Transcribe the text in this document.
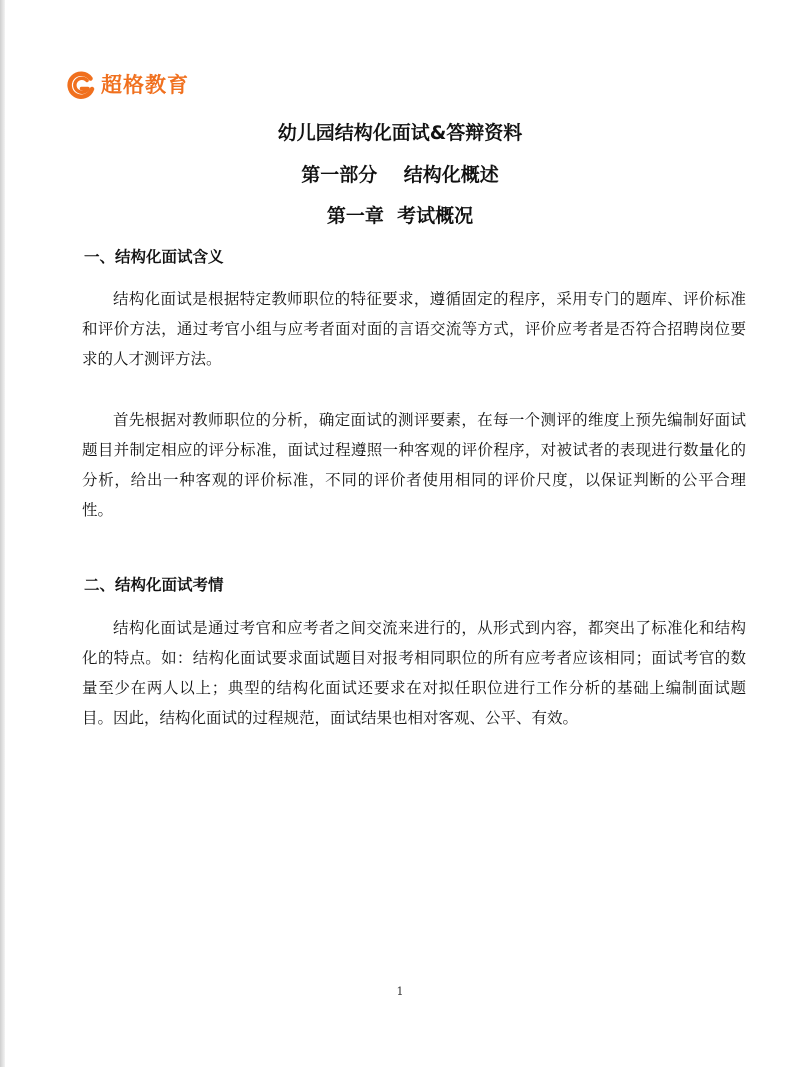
超格教育
幼儿园结构化面试&答辩资料
第一部分    结构化概述
第一章  考试概况
一、结构化面试含义

结构化面试是根据特定教师职位的特征要求，遵循固定的程序，采用专门的题库、评价标准和评价方法，通过考官小组与应考者面对面的言语交流等方式，评价应考者是否符合招聘岗位要求的人才测评方法。

首先根据对教师职位的分析，确定面试的测评要素，在每一个测评的维度上预先编制好面试题目并制定相应的评分标准，面试过程遵照一种客观的评价程序，对被试者的表现进行数量化的分析，给出一种客观的评价标准，不同的评价者使用相同的评价尺度，以保证判断的公平合理性。

二、结构化面试考情

结构化面试是通过考官和应考者之间交流来进行的，从形式到内容，都突出了标准化和结构化的特点。如：结构化面试要求面试题目对报考相同职位的所有应考者应该相同；面试考官的数量至少在两人以上；典型的结构化面试还要求在对拟任职位进行工作分析的基础上编制面试题目。因此，结构化面试的过程规范，面试结果也相对客观、公平、有效。

1
